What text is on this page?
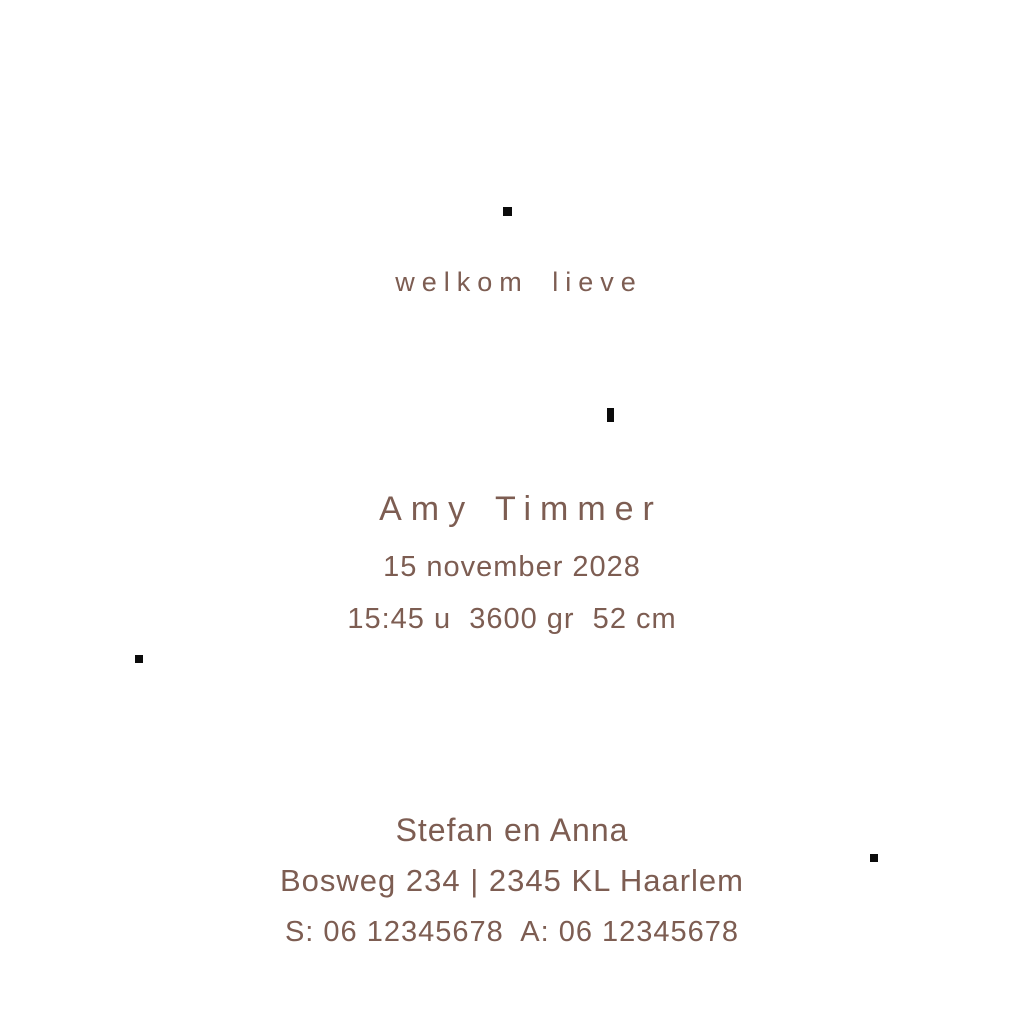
welkom lieve
Amy Timmer
15 november 2028
15:45 u  3600 gr  52 cm
Stefan en Anna
Bosweg 234 | 2345 KL Haarlem
S: 06 12345678  A: 06 12345678
